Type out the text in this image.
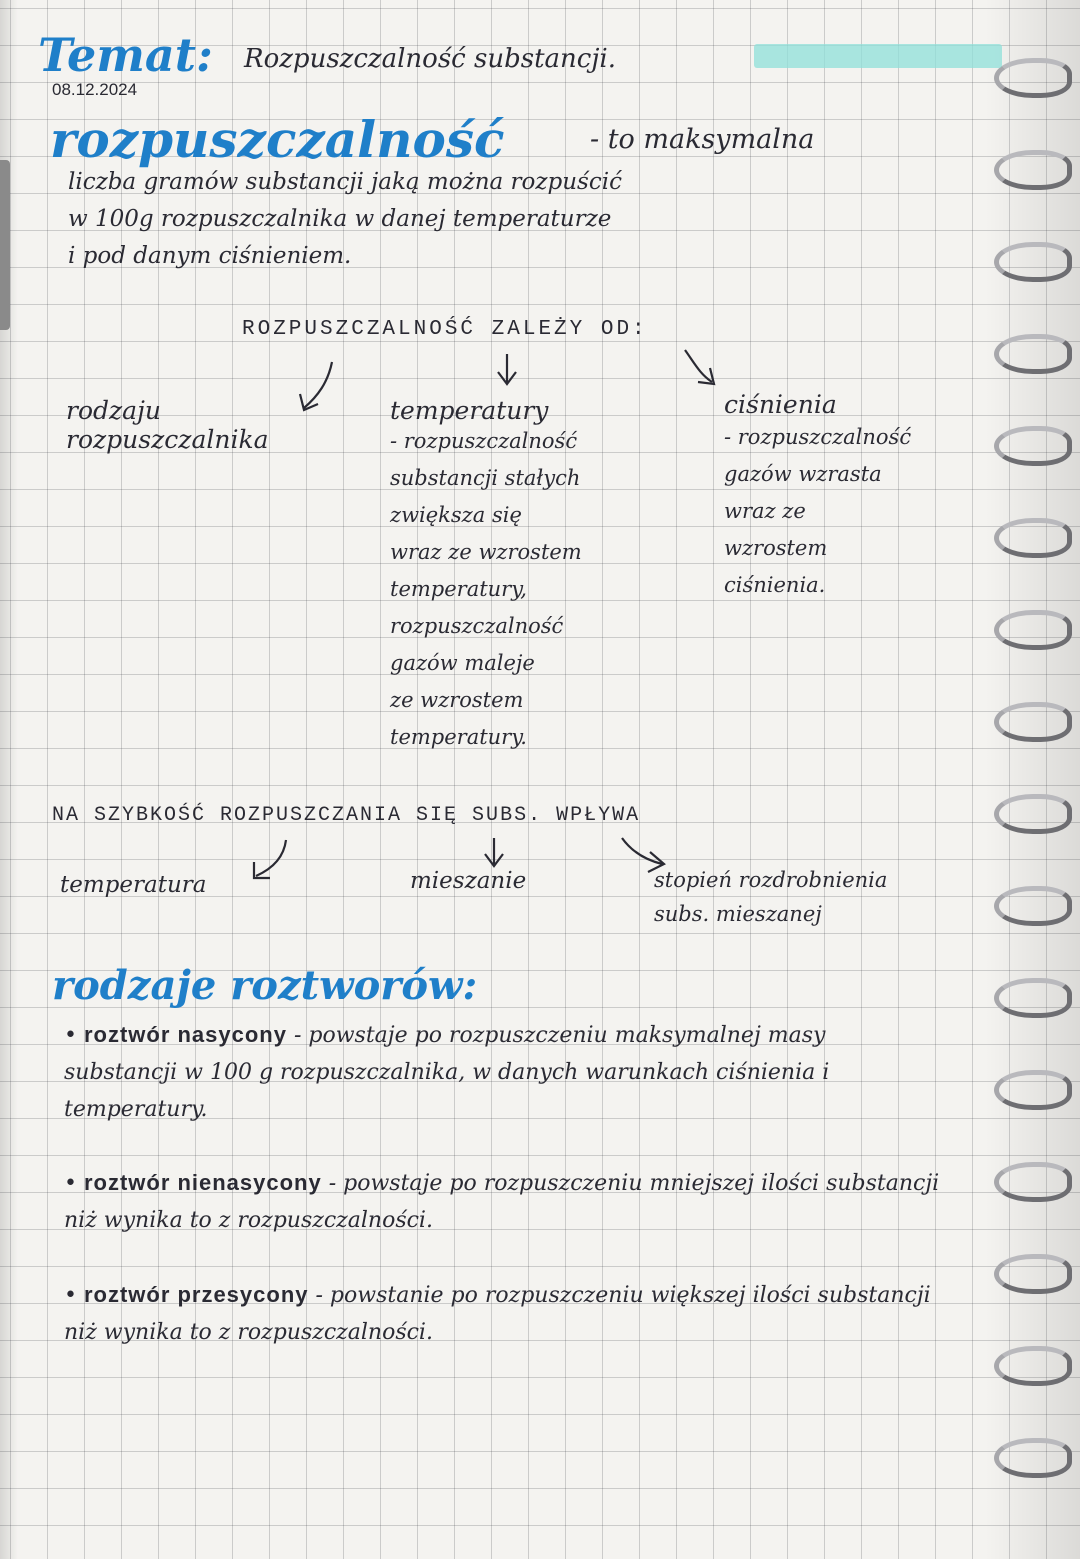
Temat: Rozpuszczalność substancji.
08.12.2024
rozpuszczalność	- to maksymalna
liczba gramów substancji jaką można rozpuścić
w 100g rozpuszczalnika w danej temperaturze
i pod danym ciśnieniem.
ROZPUSZCZALNOŚĆ ZALEŻY OD:
rodzaju
rozpuszczalnika
temperatury
- rozpuszczalność
substancji stałych
zwiększa się
wraz ze wzrostem
temperatury,
rozpuszczalność
gazów maleje
ze wzrostem
temperatury.
ciśnienia
- rozpuszczalność
gazów wzrasta
wraz ze
wzrostem
ciśnienia.
NA SZYBKOŚĆ ROZPUSZCZANIA SIĘ SUBS. WPŁYWA
temperatura	mieszanie	stopień rozdrobnienia
subs. mieszanej
rodzaje roztworów:
• roztwór nasycony - powstaje po rozpuszczeniu maksymalnej masy substancji w 100 g rozpuszczalnika, w danych warunkach ciśnienia i temperatury.
• roztwór nienasycony - powstaje po rozpuszczeniu mniejszej ilości substancji niż wynika to z rozpuszczalności.
• roztwór przesycony - powstanie po rozpuszczeniu większej ilości substancji niż wynika to z rozpuszczalności.
